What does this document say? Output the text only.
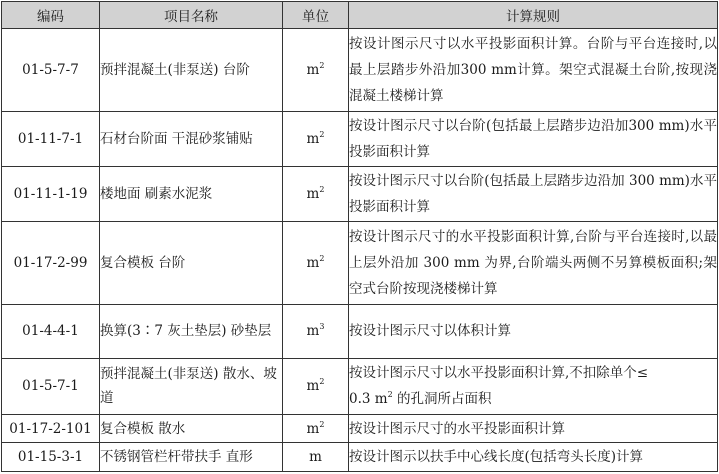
编码	项目名称	单位	计算规则
01-5-7-7	预拌混凝土(非泵送) 台阶	$m^2$	按设计图示尺寸以水平投影面积计算。台阶与平台连接时,以最上层踏步外沿加300 mm计算。架空式混凝土台阶,按现浇混凝土楼梯计算
01-11-7-1	石材台阶面 干混砂浆铺贴	$m^2$	按设计图示尺寸以台阶(包括最上层踏步边沿加300 mm)水平投影面积计算
01-11-1-19	楼地面 刷素水泥浆	$m^2$	按设计图示尺寸以台阶(包括最上层踏步边沿加 300 mm)水平投影面积计算
01-17-2-99	复合模板 台阶	$m^2$	按设计图示尺寸的水平投影面积计算,台阶与平台连接时,以最上层外沿加 300 mm 为界,台阶端头两侧不另算模板面积;架空式台阶按现浇楼梯计算
01-4-4-1	换算(3∶7 灰土垫层) 砂垫层	$m^3$	按设计图示尺寸以体积计算
01-5-7-1	预拌混凝土(非泵送) 散水、坡道	$m^2$	按设计图示尺寸以水平投影面积计算,不扣除单个≤
0.3 $m^2$ 的孔洞所占面积
01-17-2-101	复合模板 散水	$m^2$	按设计图示尺寸的水平投影面积计算
01-15-3-1	不锈钢管栏杆带扶手 直形	m	按设计图示以扶手中心线长度(包括弯头长度)计算
